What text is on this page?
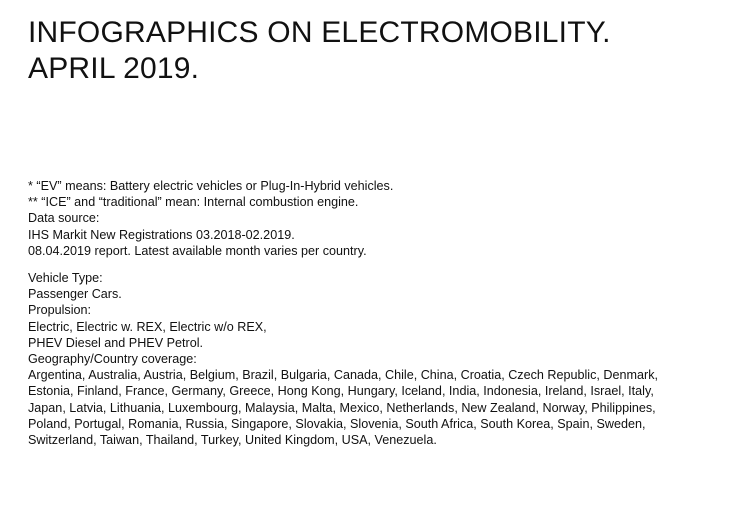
INFOGRAPHICS ON ELECTROMOBILITY.
APRIL 2019.

* “EV” means: Battery electric vehicles or Plug-In-Hybrid vehicles.
** “ICE” and “traditional” mean: Internal combustion engine.

Data source:
IHS Markit New Registrations 03.2018-02.2019.
08.04.2019 report. Latest available month varies per country.

Vehicle Type:
Passenger Cars.

Propulsion:
Electric, Electric w. REX, Electric w/o REX,
PHEV Diesel and PHEV Petrol.

Geography/Country coverage:
Argentina, Australia, Austria, Belgium, Brazil, Bulgaria, Canada, Chile, China, Croatia, Czech Republic, Denmark,
Estonia, Finland, France, Germany, Greece, Hong Kong, Hungary, Iceland, India, Indonesia, Ireland, Israel, Italy,
Japan, Latvia, Lithuania, Luxembourg, Malaysia, Malta, Mexico, Netherlands, New Zealand, Norway, Philippines,
Poland, Portugal, Romania, Russia, Singapore, Slovakia, Slovenia, South Africa, South Korea, Spain, Sweden,
Switzerland, Taiwan, Thailand, Turkey, United Kingdom, USA, Venezuela.
